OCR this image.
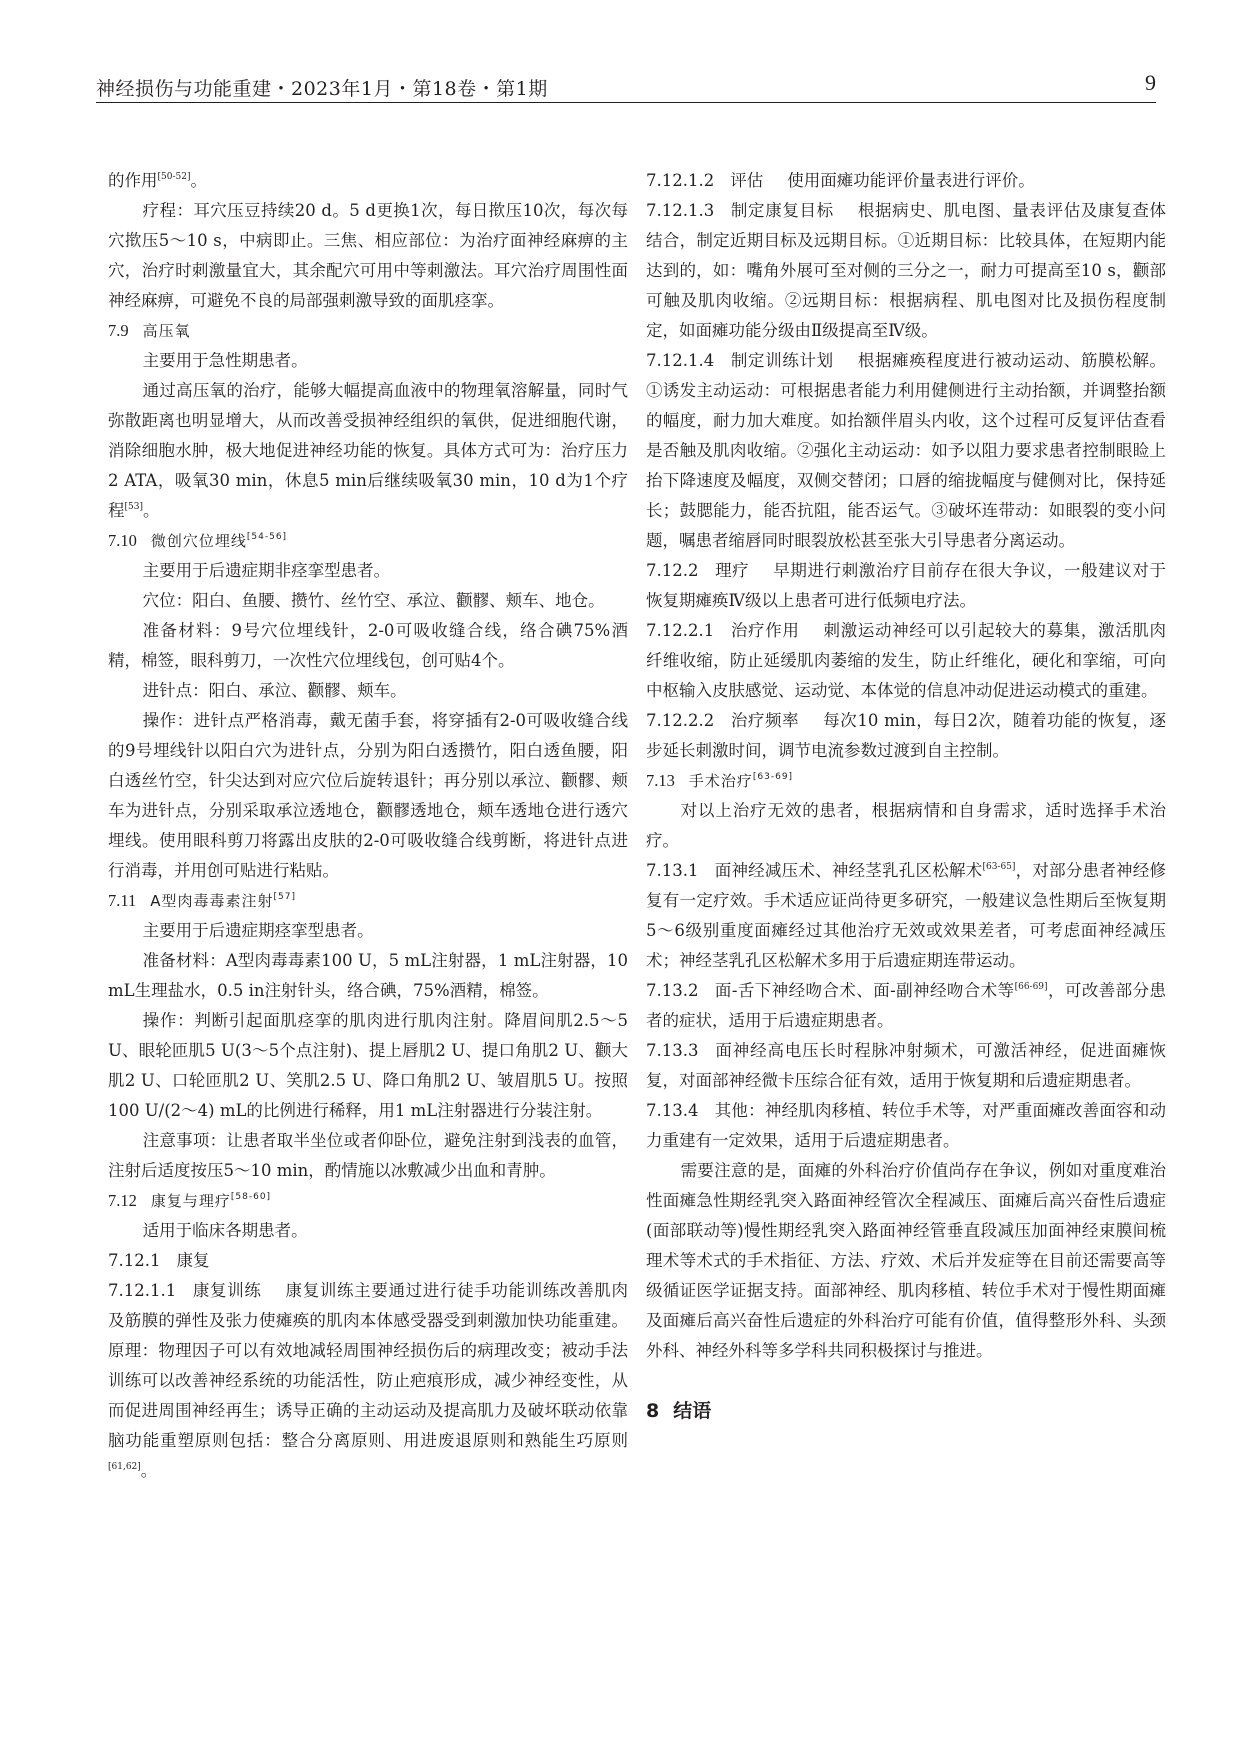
神经损伤与功能重建・2023年1月・第18卷・第1期	9

的作用[50-52]。

疗程：耳穴压豆持续20 d。5 d更换1次，每日揿压10次，每次每穴揿压5～10 s，中病即止。三焦、相应部位：为治疗面神经麻痹的主穴，治疗时刺激量宜大，其余配穴可用中等刺激法。耳穴治疗周围性面神经麻痹，可避免不良的局部强刺激导致的面肌痉挛。

7.9 高压氧

主要用于急性期患者。

通过高压氧的治疗，能够大幅提高血液中的物理氧溶解量，同时气弥散距离也明显增大，从而改善受损神经组织的氧供，促进细胞代谢，消除细胞水肿，极大地促进神经功能的恢复。具体方式可为：治疗压力2 ATA，吸氧30 min，休息5 min后继续吸氧30 min，10 d为1个疗程[53]。

7.10 微创穴位埋线[54-56]

主要用于后遗症期非痉挛型患者。

穴位：阳白、鱼腰、攒竹、丝竹空、承泣、颧髎、颊车、地仓。

准备材料：9号穴位埋线针，2-0可吸收缝合线，络合碘75%酒精，棉签，眼科剪刀，一次性穴位埋线包，创可贴4个。

进针点：阳白、承泣、颧髎、颊车。

操作：进针点严格消毒，戴无菌手套，将穿插有2-0可吸收缝合线的9号埋线针以阳白穴为进针点，分别为阳白透攒竹，阳白透鱼腰，阳白透丝竹空，针尖达到对应穴位后旋转退针；再分别以承泣、颧髎、颊车为进针点，分别采取承泣透地仓，颧髎透地仓，颊车透地仓进行透穴埋线。使用眼科剪刀将露出皮肤的2-0可吸收缝合线剪断，将进针点进行消毒，并用创可贴进行粘贴。

7.11 A型肉毒毒素注射[57]

主要用于后遗症期痉挛型患者。

准备材料：A型肉毒毒素100 U，5 mL注射器，1 mL注射器，10 mL生理盐水，0.5 in注射针头，络合碘，75%酒精，棉签。

操作：判断引起面肌痉挛的肌肉进行肌肉注射。降眉间肌2.5～5 U、眼轮匝肌5 U(3～5个点注射)、提上唇肌2 U、提口角肌2 U、颧大肌2 U、口轮匝肌2 U、笑肌2.5 U、降口角肌2 U、皱眉肌5 U。按照100 U/(2～4) mL的比例进行稀释，用1 mL注射器进行分装注射。

注意事项：让患者取半坐位或者仰卧位，避免注射到浅表的血管，注射后适度按压5～10 min，酌情施以冰敷减少出血和青肿。

7.12 康复与理疗[58-60]

适用于临床各期患者。

7.12.1 康复

7.12.1.1 康复训练 康复训练主要通过进行徒手功能训练改善肌肉及筋膜的弹性及张力使瘫痪的肌肉本体感受器受到刺激加快功能重建。原理：物理因子可以有效地减轻周围神经损伤后的病理改变；被动手法训练可以改善神经系统的功能活性，防止疤痕形成，减少神经变性，从而促进周围神经再生；诱导正确的主动运动及提高肌力及破坏联动依靠脑功能重塑原则包括：整合分离原则、用进废退原则和熟能生巧原则[61,62]。

7.12.1.2 评估 使用面瘫功能评价量表进行评价。

7.12.1.3 制定康复目标 根据病史、肌电图、量表评估及康复查体结合，制定近期目标及远期目标。①近期目标：比较具体，在短期内能达到的，如：嘴角外展可至对侧的三分之一，耐力可提高至10 s，颧部可触及肌肉收缩。②远期目标：根据病程、肌电图对比及损伤程度制定，如面瘫功能分级由Ⅱ级提高至Ⅳ级。

7.12.1.4 制定训练计划 根据瘫痪程度进行被动运动、筋膜松解。①诱发主动运动：可根据患者能力利用健侧进行主动抬额，并调整抬额的幅度，耐力加大难度。如抬额伴眉头内收，这个过程可反复评估查看是否触及肌肉收缩。②强化主动运动：如予以阻力要求患者控制眼睑上抬下降速度及幅度，双侧交替闭；口唇的缩拢幅度与健侧对比，保持延长；鼓腮能力，能否抗阻，能否运气。③破坏连带动：如眼裂的变小问题，嘱患者缩唇同时眼裂放松甚至张大引导患者分离运动。

7.12.2 理疗 早期进行刺激治疗目前存在很大争议，一般建议对于恢复期瘫痪Ⅳ级以上患者可进行低频电疗法。

7.12.2.1 治疗作用 刺激运动神经可以引起较大的募集，激活肌肉纤维收缩，防止延缓肌肉萎缩的发生，防止纤维化，硬化和挛缩，可向中枢输入皮肤感觉、运动觉、本体觉的信息冲动促进运动模式的重建。

7.12.2.2 治疗频率 每次10 min，每日2次，随着功能的恢复，逐步延长刺激时间，调节电流参数过渡到自主控制。

7.13 手术治疗[63-69]

对以上治疗无效的患者，根据病情和自身需求，适时选择手术治疗。

7.13.1 面神经减压术、神经茎乳孔区松解术[63-65]，对部分患者神经修复有一定疗效。手术适应证尚待更多研究，一般建议急性期后至恢复期5～6级别重度面瘫经过其他治疗无效或效果差者，可考虑面神经减压术；神经茎乳孔区松解术多用于后遗症期连带运动。

7.13.2 面-舌下神经吻合术、面-副神经吻合术等[66-69]，可改善部分患者的症状，适用于后遗症期患者。

7.13.3 面神经高电压长时程脉冲射频术，可激活神经，促进面瘫恢复，对面部神经微卡压综合征有效，适用于恢复期和后遗症期患者。

7.13.4 其他：神经肌肉移植、转位手术等，对严重面瘫改善面容和动力重建有一定效果，适用于后遗症期患者。

需要注意的是，面瘫的外科治疗价值尚存在争议，例如对重度难治性面瘫急性期经乳突入路面神经管次全程减压、面瘫后高兴奋性后遗症(面部联动等)慢性期经乳突入路面神经管垂直段减压加面神经束膜间梳理术等术式的手术指征、方法、疗效、术后并发症等在目前还需要高等级循证医学证据支持。面部神经、肌肉移植、转位手术对于慢性期面瘫及面瘫后高兴奋性后遗症的外科治疗可能有价值，值得整形外科、头颈外科、神经外科等多学科共同积极探讨与推进。

8 结语
